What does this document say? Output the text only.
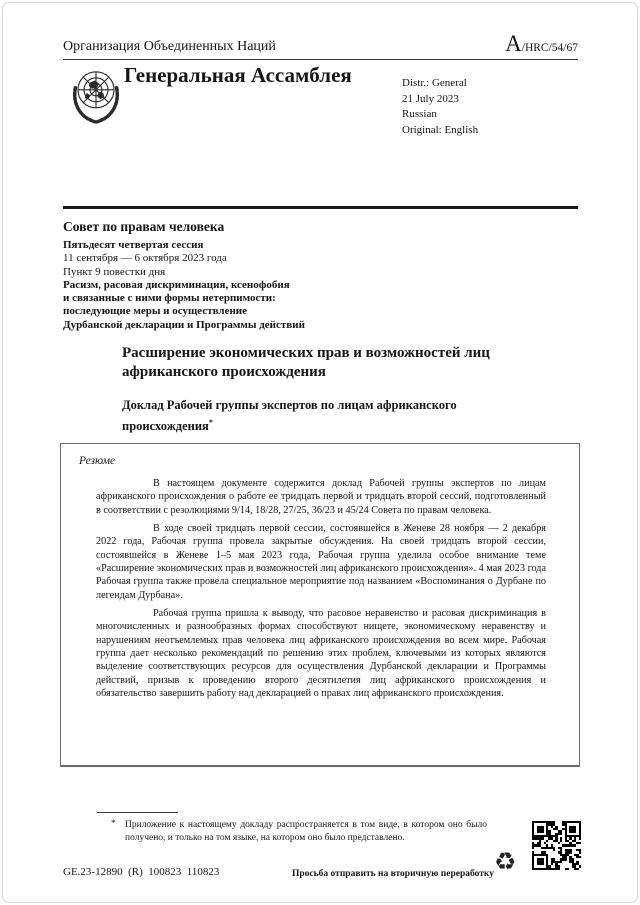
Организация Объединенных Наций	A/HRC/54/67
Генеральная Ассамблея	Distr.: General
21 July 2023
Russian
Original: English
Совет по правам человека
Пятьдесят четвертая сессия
11 сентября — 6 октября 2023 года
Пункт 9 повестки дня
Расизм, расовая дискриминация, ксенофобия
и связанные с ними формы нетерпимости:
последующие меры и осуществление
Дурбанской декларации и Программы действий
Расширение экономических прав и возможностей лиц африканского происхождения
Доклад Рабочей группы экспертов по лицам африканского происхождения*
Резюме

В настоящем документе содержится доклад Рабочей группы экспертов по лицам африканского происхождения о работе ее тридцать первой и тридцать второй сессий, подготовленный в соответствии с резолюциями 9/14, 18/28, 27/25, 36/23 и 45/24 Совета по правам человека.

В ходе своей тридцать первой сессии, состоявшейся в Женеве 28 ноября — 2 декабря 2022 года, Рабочая группа провела закрытые обсуждения. На своей тридцать второй сессии, состоявшейся в Женеве 1–5 мая 2023 года, Рабочая группа уделила особое внимание теме «Расширение экономических прав и возможностей лиц африканского происхождения». 4 мая 2023 года Рабочая группа также провела специальное мероприятие под названием «Воспоминания о Дурбане по легендам Дурбана».

Рабочая группа пришла к выводу, что расовое неравенство и расовая дискриминация в многочисленных и разнообразных формах способствуют нищете, экономическому неравенству и нарушениям неотъемлемых прав человека лиц африканского происхождения во всем мире. Рабочая группа дает несколько рекомендаций по решению этих проблем, ключевыми из которых являются выделение соответствующих ресурсов для осуществления Дурбанской декларации и Программы действий, призыв к проведению второго десятилетия лиц африканского происхождения и обязательство завершить работу над декларацией о правах лиц африканского происхождения.

* Приложение к настоящему докладу распространяется в том виде, в котором оно было получено, и только на том языке, на котором оно было представлено.
GE.23-12890  (R)  100823  110823	Просьба отправить на вторичную переработку ♻
